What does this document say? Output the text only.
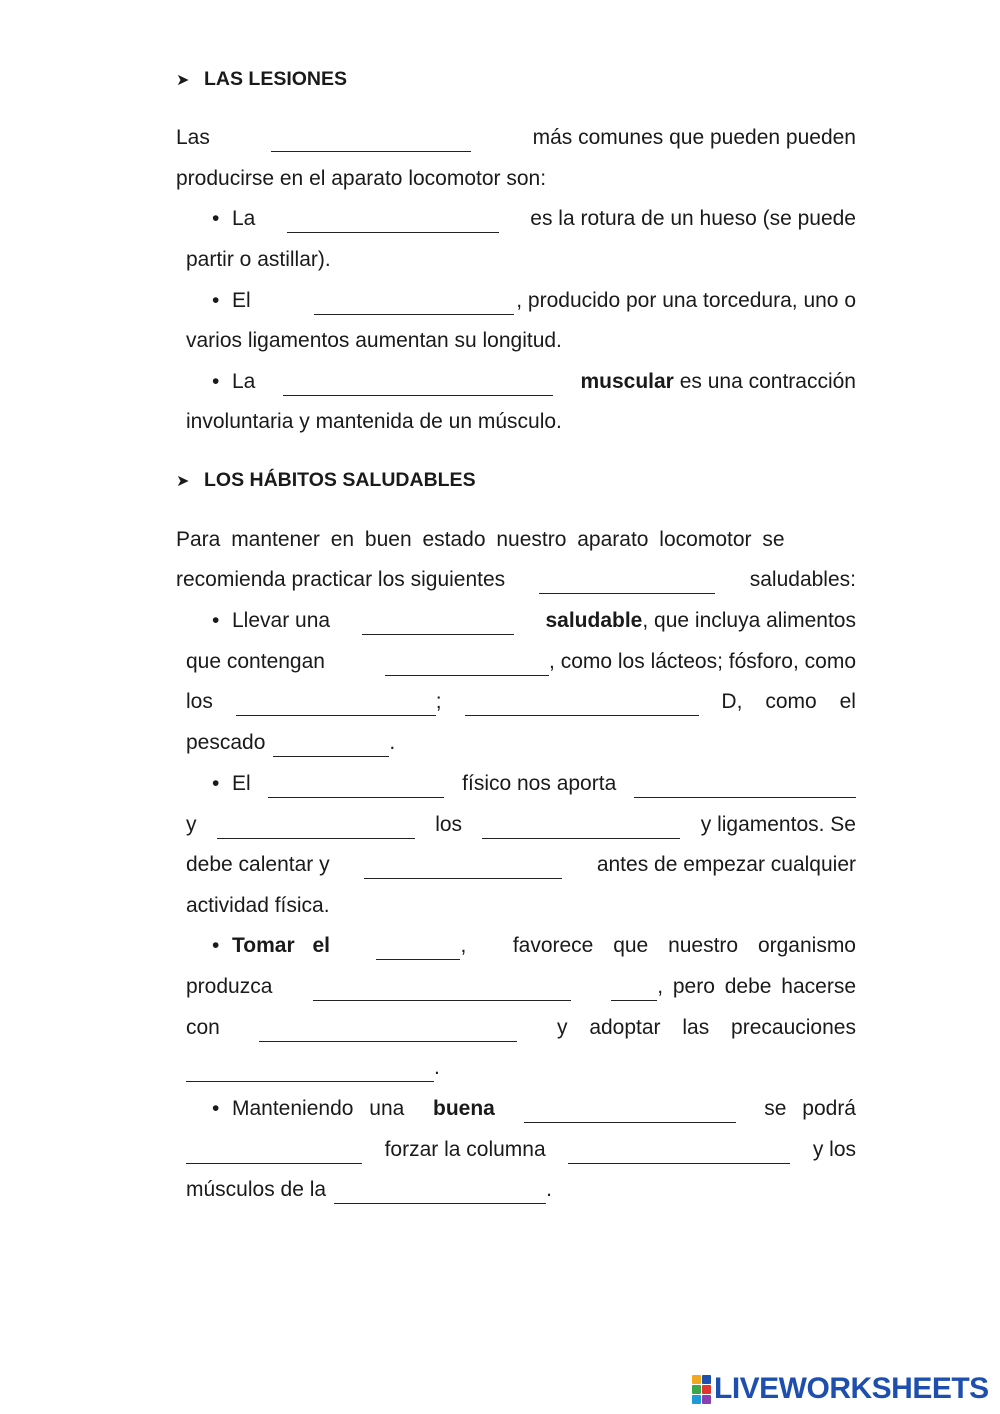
➤ LAS LESIONES
Las	más comunes que pueden pueden
producirse en el aparato locomotor son:
• La	es la rotura de un hueso (se puede
partir o astillar).
• El	, producido por una torcedura, uno o
varios ligamentos aumentan su longitud.
• La	muscular es una contracción
involuntaria y mantenida de un músculo.
➤ LOS HÁBITOS SALUDABLES
Para mantener en buen estado nuestro aparato locomotor se
recomienda practicar los siguientes	saludables:
• Llevar una	saludable, que incluya alimentos
que contengan	, como los lácteos; fósforo, como
los	;	D, como el
pescado	.
• El	físico nos aporta
y	los	y ligamentos. Se
debe calentar y	antes de empezar cualquier
actividad física.
• Tomar el	, favorece que nuestro organismo
produzca	, pero debe hacerse
con	y adoptar las precauciones
.
• Manteniendo una buena	se podrá
forzar la columna	y los
músculos de la	.
LIVEWORKSHEETS
